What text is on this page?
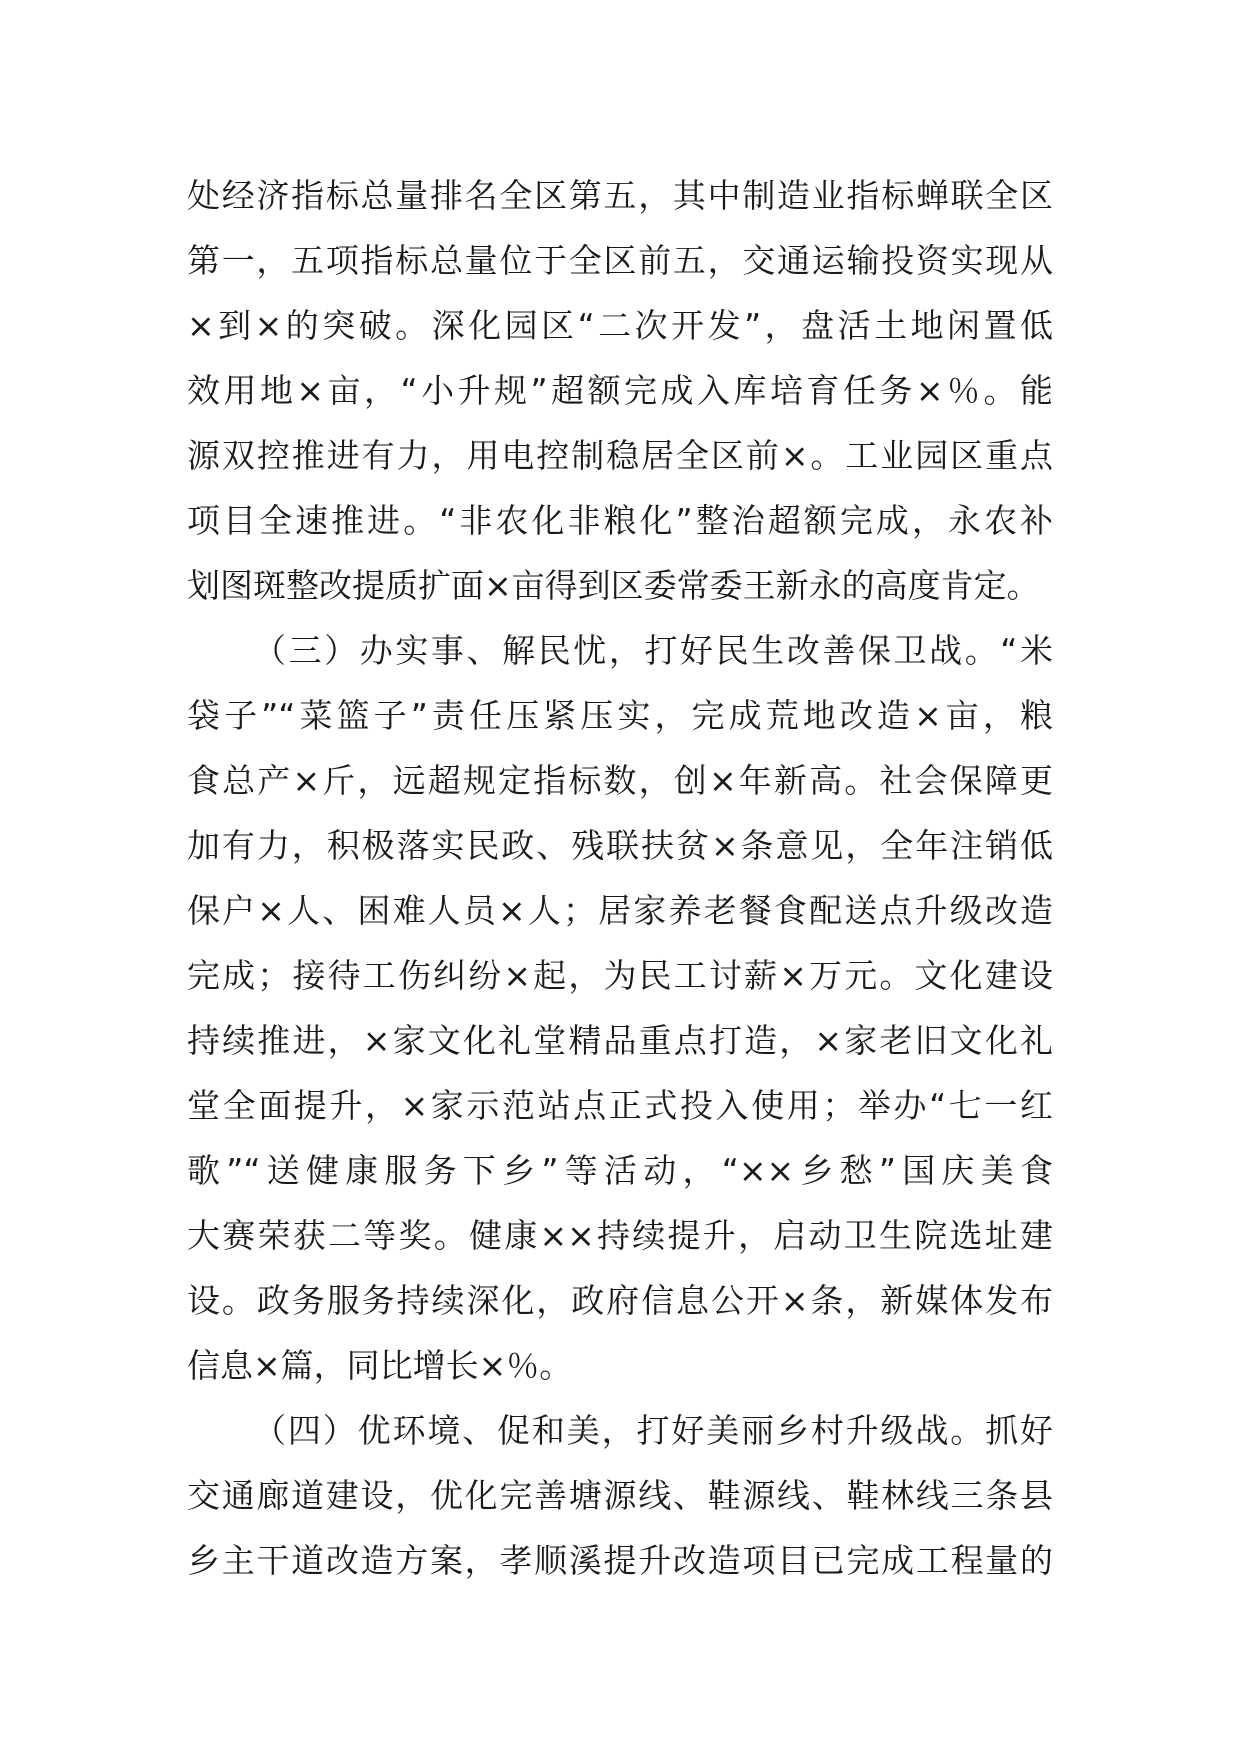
处经济指标总量排名全区第五，其中制造业指标蝉联全区
第一，五项指标总量位于全区前五，交通运输投资实现从
×到×的突破。深化园区“二次开发”，盘活土地闲置低
效用地×亩，“小升规”超额完成入库培育任务×％。能
源双控推进有力，用电控制稳居全区前×。工业园区重点
项目全速推进。“非农化非粮化”整治超额完成，永农补
划图斑整改提质扩面×亩得到区委常委王新永的高度肯定。
（三）办实事、解民忧，打好民生改善保卫战。“米
袋子”“菜篮子”责任压紧压实，完成荒地改造×亩，粮
食总产×斤，远超规定指标数，创×年新高。社会保障更
加有力，积极落实民政、残联扶贫×条意见，全年注销低
保户×人、困难人员×人；居家养老餐食配送点升级改造
完成；接待工伤纠纷×起，为民工讨薪×万元。文化建设
持续推进，×家文化礼堂精品重点打造，×家老旧文化礼
堂全面提升，×家示范站点正式投入使用；举办“七一红
歌”“送健康服务下乡”等活动，“××乡愁”国庆美食
大赛荣获二等奖。健康××持续提升，启动卫生院选址建
设。政务服务持续深化，政府信息公开×条，新媒体发布
信息×篇，同比增长×％。
（四）优环境、促和美，打好美丽乡村升级战。抓好
交通廊道建设，优化完善塘源线、鞋源线、鞋林线三条县
乡主干道改造方案，孝顺溪提升改造项目已完成工程量的
